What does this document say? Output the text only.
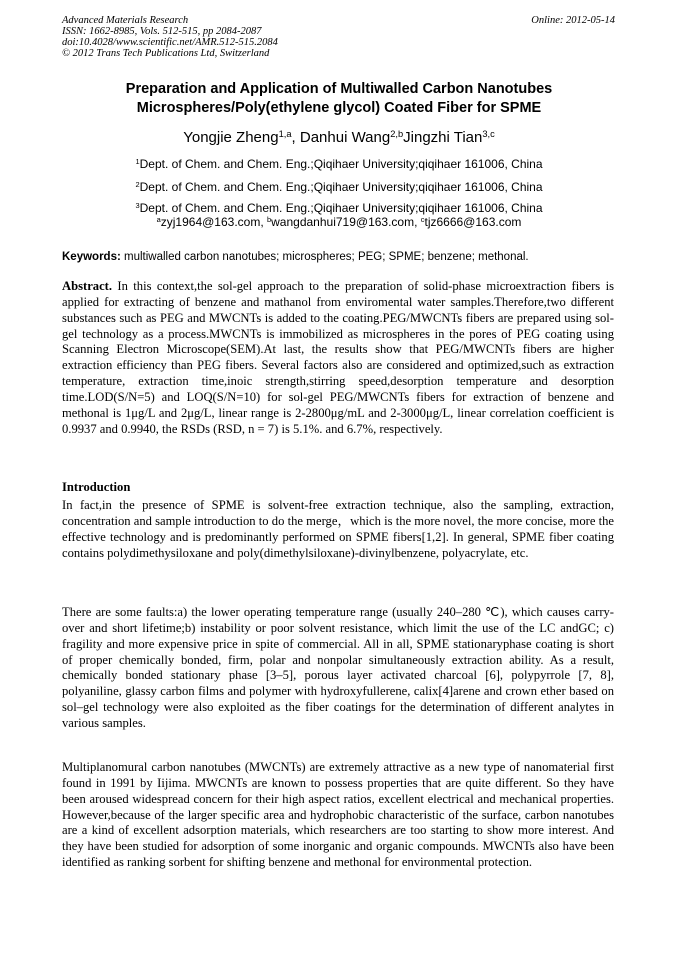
Advanced Materials Research
ISSN: 1662-8985, Vols. 512-515, pp 2084-2087
doi:10.4028/www.scientific.net/AMR.512-515.2084
© 2012 Trans Tech Publications Ltd, Switzerland
Online: 2012-05-14
Preparation and Application of Multiwalled Carbon Nanotubes
Microspheres/Poly(ethylene glycol) Coated Fiber for SPME
Yongjie Zheng$^{1,a}$, Danhui Wang$^{2,b}$Jingzhi Tian$^{3,c}$
$^1$Dept. of Chem. and Chem. Eng.;Qiqihaer University;qiqihaer 161006, China
$^2$Dept. of Chem. and Chem. Eng.;Qiqihaer University;qiqihaer 161006, China
$^3$Dept. of Chem. and Chem. Eng.;Qiqihaer University;qiqihaer 161006, China
$^a$zyj1964@163.com, $^b$wangdanhui719@163.com, $^c$tjz6666@163.com
Keywords: multiwalled carbon nanotubes; microspheres; PEG; SPME; benzene; methonal.
Abstract. In this context,the sol-gel approach to the preparation of solid-phase microextraction fibers is applied for extracting of benzene and mathanol from enviromental water samples.Therefore,two different substances such as PEG and MWCNTs is added to the coating.PEG/MWCNTs fibers are prepared using sol-gel technology as a process.MWCNTs is immobilized as microspheres in the pores of PEG coating using Scanning Electron Microscope(SEM).At last, the results show that PEG/MWCNTs fibers are higher extraction efficiency than PEG fibers. Several factors also are considered and optimized,such as extraction temperature, extraction time,inoic strength,stirring speed,desorption temperature and desorption time.LOD(S/N=5) and LOQ(S/N=10) for sol-gel PEG/MWCNTs fibers for extraction of benzene and methonal is 1μg/L and 2μg/L, linear range is 2-2800μg/mL and 2-3000μg/L, linear correlation coefficient is 0.9937 and 0.9940, the RSDs (RSD, n = 7) is 5.1%. and 6.7%, respectively.
Introduction
In fact,in the presence of SPME is solvent-free extraction technique, also the sampling, extraction, concentration and sample introduction to do the merge，which is the more novel, the more concise, more the effective technology and is predominantly performed on SPME fibers[1,2]. In general, SPME fiber coating contains polydimethysiloxane and poly(dimethylsiloxane)-divinylbenzene, polyacrylate, etc.
There are some faults:a) the lower operating temperature range (usually 240–280 ℃), which causes carry-over and short lifetime;b) instability or poor solvent resistance, which limit the use of the LC andGC; c) fragility and more expensive price in spite of commercial. All in all, SPME stationaryphase coating is short of proper chemically bonded, firm, polar and nonpolar simultaneously extraction ability. As a result, chemically bonded stationary phase [3–5], porous layer activated charcoal [6], polypyrrole [7, 8], polyaniline, glassy carbon films and polymer with hydroxyfullerene, calix[4]arene and crown ether based on sol–gel technology were also exploited as the fiber coatings for the determination of different analytes in various samples.
Multiplanomural carbon nanotubes (MWCNTs) are extremely attractive as a new type of nanomaterial first found in 1991 by Iijima. MWCNTs are known to possess properties that are quite different. So they have been aroused widespread concern for their high aspect ratios, excellent electrical and mechanical properties. However,because of the larger specific area and hydrophobic characteristic of the surface, carbon nanotubes are a kind of excellent adsorption materials, which researchers are too starting to show more interest. And they have been studied for adsorption of some inorganic and organic compounds. MWCNTs also have been identified as ranking sorbent for shifting benzene and methonal for environmental protection.
